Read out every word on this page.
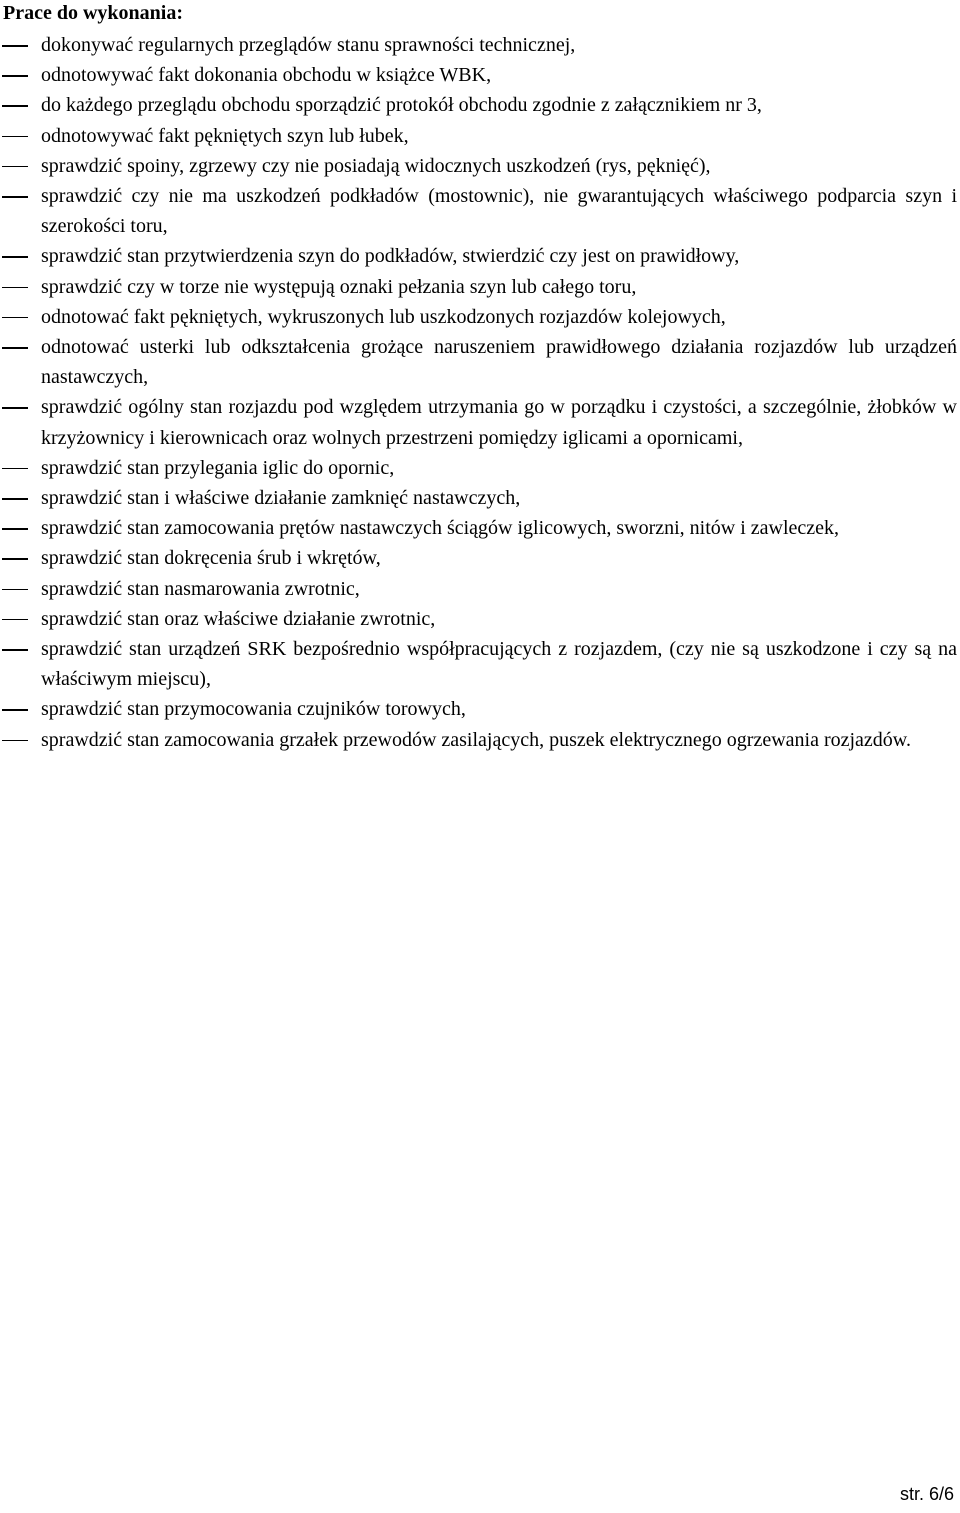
Prace do wykonania:
dokonywać regularnych przeglądów stanu sprawności technicznej,
odnotowywać fakt dokonania obchodu w książce WBK,
do każdego przeglądu obchodu sporządzić protokół obchodu zgodnie z załącznikiem nr 3,
odnotowywać fakt pękniętych szyn lub łubek,
sprawdzić spoiny, zgrzewy czy nie posiadają widocznych uszkodzeń (rys, pęknięć),
sprawdzić czy nie ma uszkodzeń podkładów (mostownic), nie gwarantujących właściwego podparcia szyn i szerokości toru,
sprawdzić stan przytwierdzenia szyn do podkładów, stwierdzić czy jest on prawidłowy,
sprawdzić czy w torze nie występują oznaki pełzania szyn lub całego toru,
odnotować fakt pękniętych, wykruszonych lub uszkodzonych rozjazdów kolejowych,
odnotować usterki lub odkształcenia grożące naruszeniem prawidłowego działania rozjazdów lub urządzeń nastawczych,
sprawdzić ogólny stan rozjazdu pod względem utrzymania go w porządku i czystości, a szczególnie, żłobków w krzyżownicy i kierownicach oraz wolnych przestrzeni pomiędzy iglicami a opornicami,
sprawdzić stan przylegania iglic do opornic,
sprawdzić stan i właściwe działanie zamknięć nastawczych,
sprawdzić stan zamocowania prętów nastawczych ściągów iglicowych, sworzni, nitów i zawleczek,
sprawdzić stan dokręcenia śrub i wkrętów,
sprawdzić stan nasmarowania zwrotnic,
sprawdzić stan oraz właściwe działanie zwrotnic,
sprawdzić stan urządzeń SRK bezpośrednio współpracujących z rozjazdem, (czy nie są uszkodzone i czy są na właściwym miejscu),
sprawdzić stan przymocowania czujników torowych,
sprawdzić stan zamocowania grzałek przewodów zasilających, puszek elektrycznego ogrzewania rozjazdów.
str. 6/6
